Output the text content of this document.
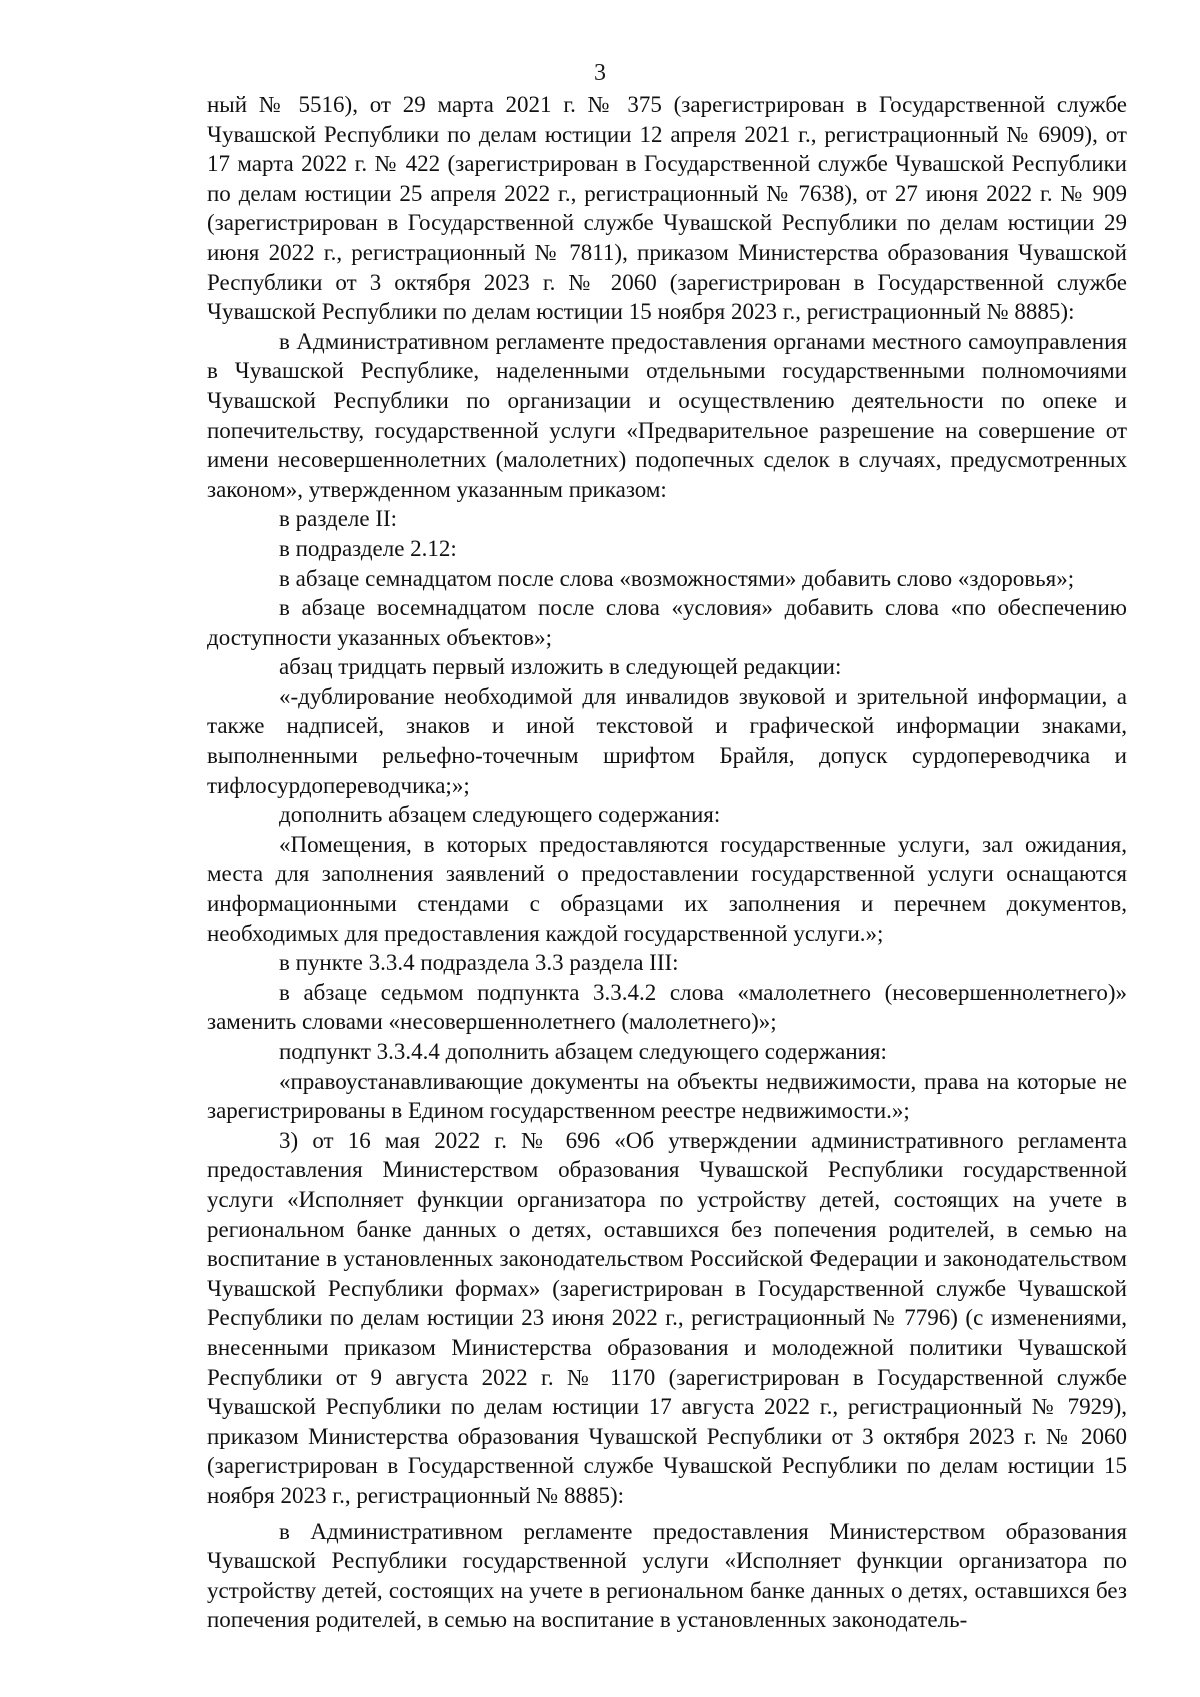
3

ный № 5516), от 29 марта 2021 г. № 375 (зарегистрирован в Государственной службе Чувашской Республики по делам юстиции 12 апреля 2021 г., регистрационный № 6909), от 17 марта 2022 г. № 422 (зарегистрирован в Государственной службе Чувашской Республики по делам юстиции 25 апреля 2022 г., регистрационный № 7638), от 27 июня 2022 г. № 909 (зарегистрирован в Государственной службе Чувашской Республики по делам юстиции 29 июня 2022 г., регистрационный № 7811), приказом Министерства образования Чувашской Республики от 3 октября 2023 г. № 2060 (зарегистрирован в Государственной службе Чувашской Республики по делам юстиции 15 ноября 2023 г., регистрационный № 8885):

в Административном регламенте предоставления органами местного самоуправления в Чувашской Республике, наделенными отдельными государственными полномочиями Чувашской Республики по организации и осуществлению деятельности по опеке и попечительству, государственной услуги «Предварительное разрешение на совершение от имени несовершеннолетних (малолетних) подопечных сделок в случаях, предусмотренных законом», утвержденном указанным приказом:

в разделе II:

в подразделе 2.12:

в абзаце семнадцатом после слова «возможностями» добавить слово «здоровья»;

в абзаце восемнадцатом после слова «условия» добавить слова «по обеспечению доступности указанных объектов»;

абзац тридцать первый изложить в следующей редакции:

«-дублирование необходимой для инвалидов звуковой и зрительной информации, а также надписей, знаков и иной текстовой и графической информации знаками, выполненными рельефно-точечным шрифтом Брайля, допуск сурдопереводчика и тифлосурдопереводчика;»;

дополнить абзацем следующего содержания:

«Помещения, в которых предоставляются государственные услуги, зал ожидания, места для заполнения заявлений о предоставлении государственной услуги оснащаются информационными стендами с образцами их заполнения и перечнем документов, необходимых для предоставления каждой государственной услуги.»;

в пункте 3.3.4 подраздела 3.3 раздела III:

в абзаце седьмом подпункта 3.3.4.2 слова «малолетнего (несовершеннолетнего)» заменить словами «несовершеннолетнего (малолетнего)»;

подпункт 3.3.4.4 дополнить абзацем следующего содержания:

«правоустанавливающие документы на объекты недвижимости, права на которые не зарегистрированы в Едином государственном реестре недвижимости.»;

3) от 16 мая 2022 г. № 696 «Об утверждении административного регламента предоставления Министерством образования Чувашской Республики государственной услуги «Исполняет функции организатора по устройству детей, состоящих на учете в региональном банке данных о детях, оставшихся без попечения родителей, в семью на воспитание в установленных законодательством Российской Федерации и законодательством Чувашской Республики формах» (зарегистрирован в Государственной службе Чувашской Республики по делам юстиции 23 июня 2022 г., регистрационный № 7796) (с изменениями, внесенными приказом Министерства образования и молодежной политики Чувашской Республики от 9 августа 2022 г. № 1170 (зарегистрирован в Государственной службе Чувашской Республики по делам юстиции 17 августа 2022 г., регистрационный № 7929), приказом Министерства образования Чувашской Республики от 3 октября 2023 г. № 2060 (зарегистрирован в Государственной службе Чувашской Республики по делам юстиции 15 ноября 2023 г., регистрационный № 8885):

в Административном регламенте предоставления Министерством образования Чувашской Республики государственной услуги «Исполняет функции организатора по устройству детей, состоящих на учете в региональном банке данных о детях, оставшихся без попечения родителей, в семью на воспитание в установленных законодатель-
